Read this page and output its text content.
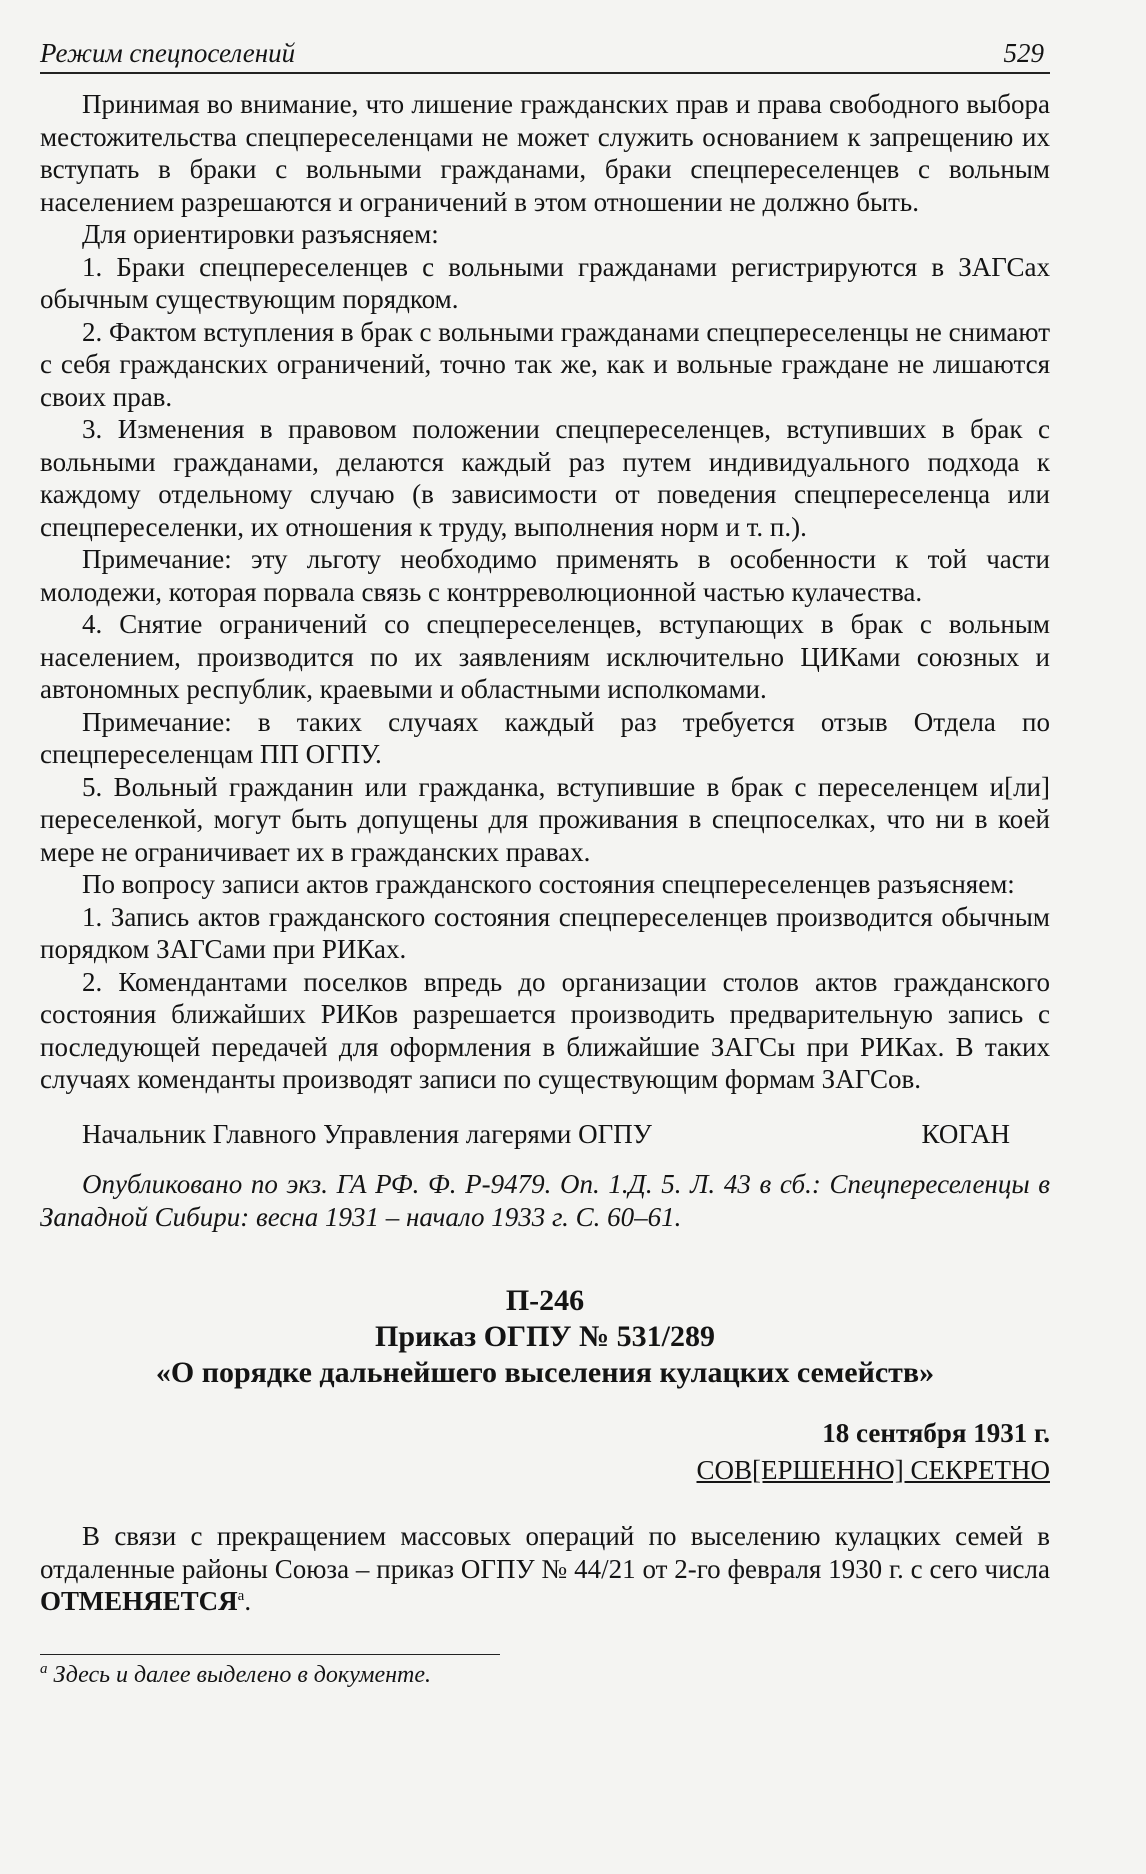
Режим спецпоселений	529

Принимая во внимание, что лишение гражданских прав и права свободного выбора местожительства спецпереселенцами не может служить основанием к запрещению их вступать в браки с вольными гражданами, браки спецпереселенцев с вольным населением разрешаются и ограничений в этом отношении не должно быть.

Для ориентировки разъясняем:

1. Браки спецпереселенцев с вольными гражданами регистрируются в ЗАГСах обычным существующим порядком.

2. Фактом вступления в брак с вольными гражданами спецпереселенцы не снимают с себя гражданских ограничений, точно так же, как и вольные граждане не лишаются своих прав.

3. Изменения в правовом положении спецпереселенцев, вступивших в брак с вольными гражданами, делаются каждый раз путем индивидуального подхода к каждому отдельному случаю (в зависимости от поведения спецпереселенца или спецпереселенки, их отношения к труду, выполнения норм и т. п.).

Примечание: эту льготу необходимо применять в особенности к той части молодежи, которая порвала связь с контрреволюционной частью кулачества.

4. Снятие ограничений со спецпереселенцев, вступающих в брак с вольным населением, производится по их заявлениям исключительно ЦИКами союзных и автономных республик, краевыми и областными исполкомами.

Примечание: в таких случаях каждый раз требуется отзыв Отдела по спецпереселенцам ПП ОГПУ.

5. Вольный гражданин или гражданка, вступившие в брак с переселенцем и[ли] переселенкой, могут быть допущены для проживания в спецпоселках, что ни в коей мере не ограничивает их в гражданских правах.

По вопросу записи актов гражданского состояния спецпереселенцев разъясняем:

1. Запись актов гражданского состояния спецпереселенцев производится обычным порядком ЗАГСами при РИКах.

2. Комендантами поселков впредь до организации столов актов гражданского состояния ближайших РИКов разрешается производить предварительную запись с последующей передачей для оформления в ближайшие ЗАГСы при РИКах. В таких случаях коменданты производят записи по существующим формам ЗАГСов.

Начальник Главного Управления лагерями ОГПУ	КОГАН

Опубликовано по экз. ГА РФ. Ф. Р-9479. Оп. 1.Д. 5. Л. 43 в сб.: Спецпереселенцы в Западной Сибири: весна 1931 – начало 1933 г. С. 60–61.

П-246
Приказ ОГПУ № 531/289
«О порядке дальнейшего выселения кулацких семейств»
18 сентября 1931 г.
СОВ[ЕРШЕННО] СЕКРЕТНО

В связи с прекращением массовых операций по выселению кулацких семей в отдаленные районы Союза – приказ ОГПУ № 44/21 от 2-го февраля 1930 г. с сего числа $ОТМЕНЯЕТСЯ^а$.

$^а$ Здесь и далее выделено в документе.
